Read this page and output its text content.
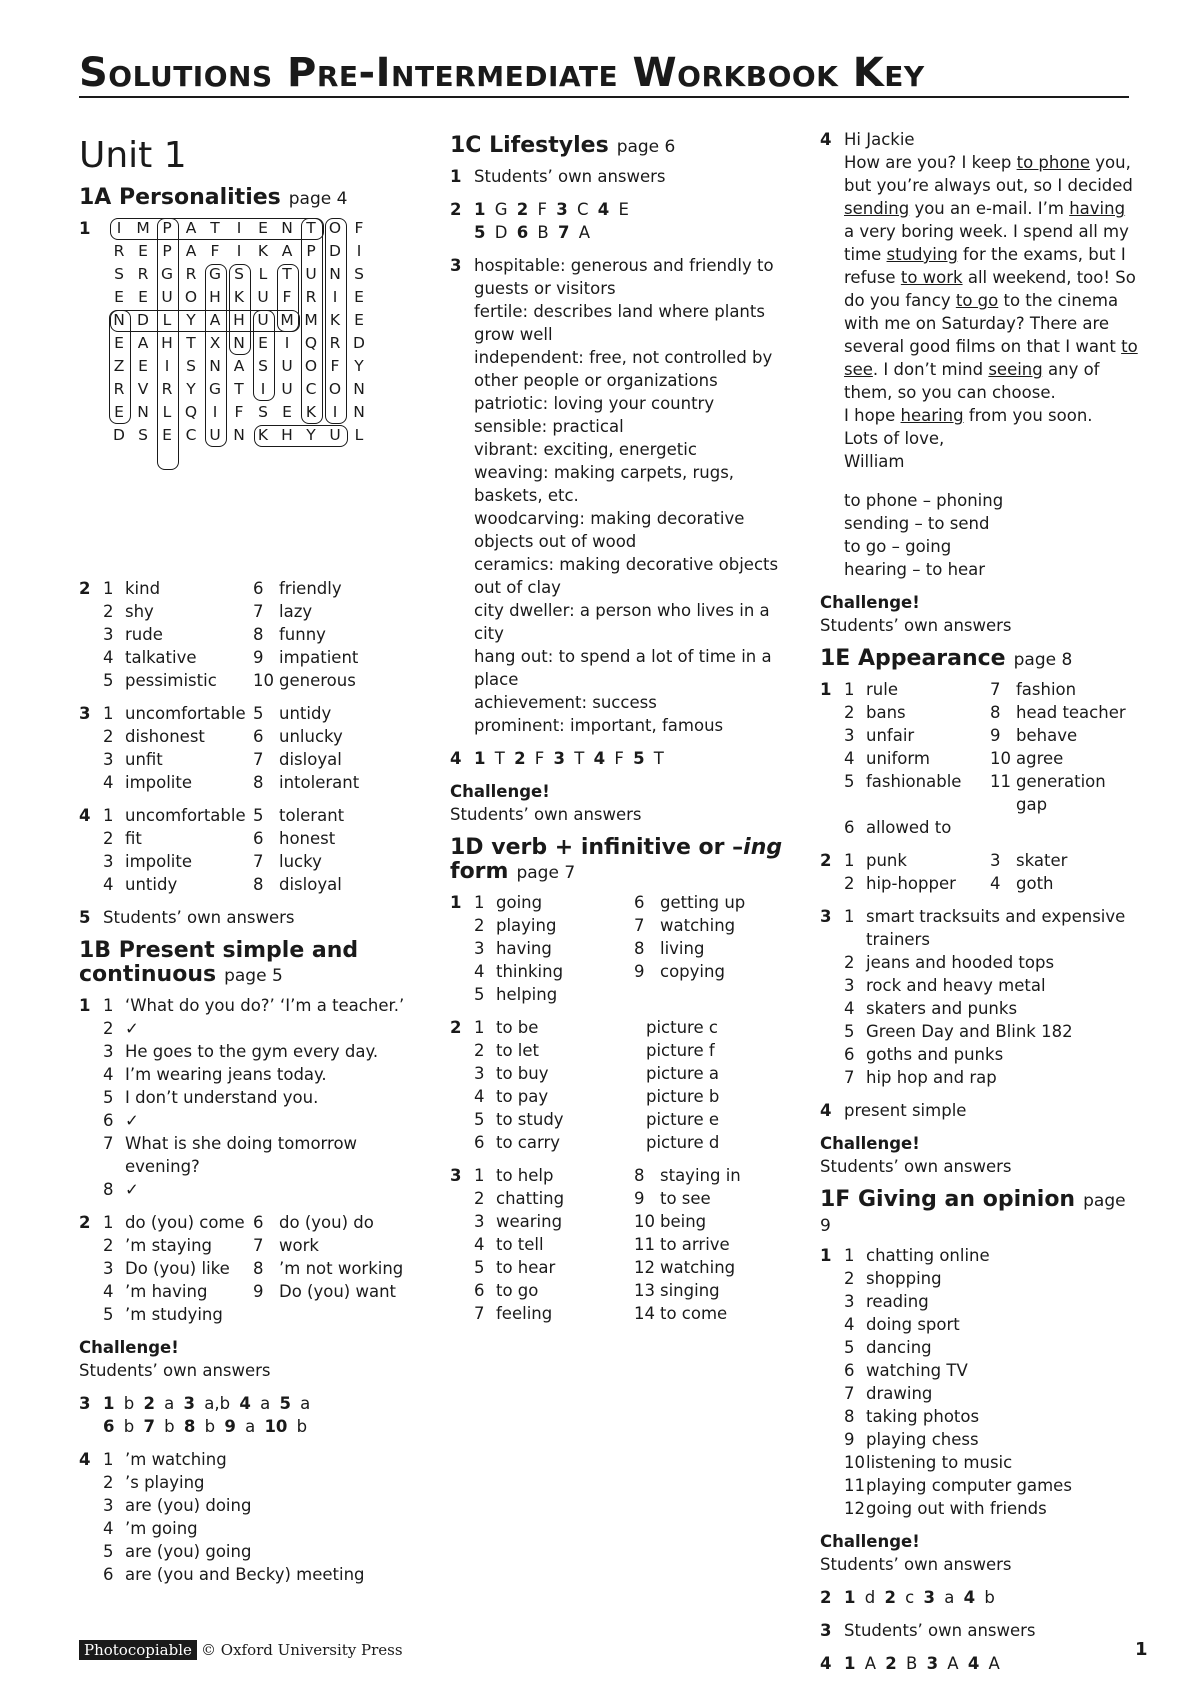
Solutions Pre-Intermediate Workbook Key
Unit 1
1A Personalities page 4
1	I M P A T	I	E N T O F
R E P A F	I	K A P D	I
S R G R G S L T U N S
E E U O H K U F R	I	E
N D L Y A H U M M K E
E A H T X N E	I	Q R D
Z E	I	S N A S U O F Y
R V R Y G T	I	U C O N
E N L Q	I	F S E K	I	N
D S E C U N K H Y U L
2 1 kind	6 friendly
2 shy	7 lazy
3 rude	8 funny
4 talkative	9 impatient
5 pessimistic 10 generous
3 1 uncomfortable 5 untidy
2 dishonest	6 unlucky
3 unfit	7 disloyal
4 impolite	8 intolerant
4 1 uncomfortable 5 tolerant
2 fit	6 honest
3 impolite	7 lucky
4 untidy	8 disloyal
5 Students’ own answers
1B Present simple and
continuous page 5
1 1 ‘What do you do?’ ‘I’m a teacher.’
2 ✓
3 He goes to the gym every day.
4 I’m wearing jeans today.
5 I don’t understand you.
6 ✓
7 What is she doing tomorrow evening?
8 ✓
2 1 do (you) come 6 do (you) do
2 ’m staying 7 work
3 Do (you) like 8 ’m not working
4 ’m having	9 Do (you) want
5 ’m studying
Challenge!
Students’ own answers
3 1 b 2 a 3 a,b 4 a 5 a
6 b 7 b 8 b 9 a 10 b
4 1 ’m watching
2 ’s playing
3 are (you) doing
4 ’m going
5 are (you) going
6 are (you and Becky) meeting
1C Lifestyles page 6
1 Students’ own answers
2 1 G 2 F 3 C 4 E
5 D 6 B 7 A
3 hospitable: generous and friendly to guests or visitors

fertile: describes land where plants grow well

independent: free, not controlled by other people or organizations

patriotic: loving your country

sensible: practical

vibrant: exciting, energetic

weaving: making carpets, rugs, baskets, etc.

woodcarving: making decorative objects out of wood

ceramics: making decorative objects out of clay

city dweller: a person who lives in a city

hang out: to spend a lot of time in a place

achievement: success

prominent: important, famous

4 1 T 2 F 3 T 4 F 5 T
Challenge!
Students’ own answers
1D verb + infinitive or –ing
form page 7
1 1 going	6 getting up
2 playing	7 watching
3 having	8 living
4 thinking	9 copying
5 helping
2 1 to be	picture c
2 to let	picture f
3 to buy	picture a
4 to pay	picture b
5 to study	picture e
6 to carry	picture d
3 1 to help	8 staying in
2 chatting	9 to see
3 wearing	10 being
4 to tell	11 to arrive
5 to hear	12 watching
6 to go	13 singing
7 feeling	14 to come
4 Hi Jackie
How are you? I keep to phone you, but you’re always out, so I decided sending you an e-mail. I’m having a very boring week. I spend all my time studying for the exams, but I refuse to work all weekend, too! So do you fancy to go to the cinema with me on Saturday? There are several good films on that I want to see. I don’t mind seeing any of them, so you can choose.
I hope hearing from you soon.
Lots of love,
William
to phone – phoning
sending – to send
to go – going
hearing – to hear
Challenge!
Students’ own answers
1E Appearance page 8
1 1 rule	7 fashion
2 bans	8 head teacher
3 unfair	9 behave
4 uniform	10 agree
5 fashionable 11 generation gap
6 allowed to
2 1 punk	3 skater
2 hip-hopper 4 goth
3 1 smart tracksuits and expensive trainers
2 jeans and hooded tops
3 rock and heavy metal
4 skaters and punks
5 Green Day and Blink 182
6 goths and punks
7 hip hop and rap
4 present simple
Challenge!
Students’ own answers
1F Giving an opinion page 9
1 1 chatting online
2 shopping
3 reading
4 doing sport
5 dancing
6 watching TV
7 drawing
8 taking photos
9 playing chess
10 listening to music
11 playing computer games
12 going out with friends
Challenge!
Students’ own answers
2 1 d 2 c 3 a 4 b
3 Students’ own answers
4 1 A 2 B 3 A 4 A
Photocopiable © Oxford University Press	1
